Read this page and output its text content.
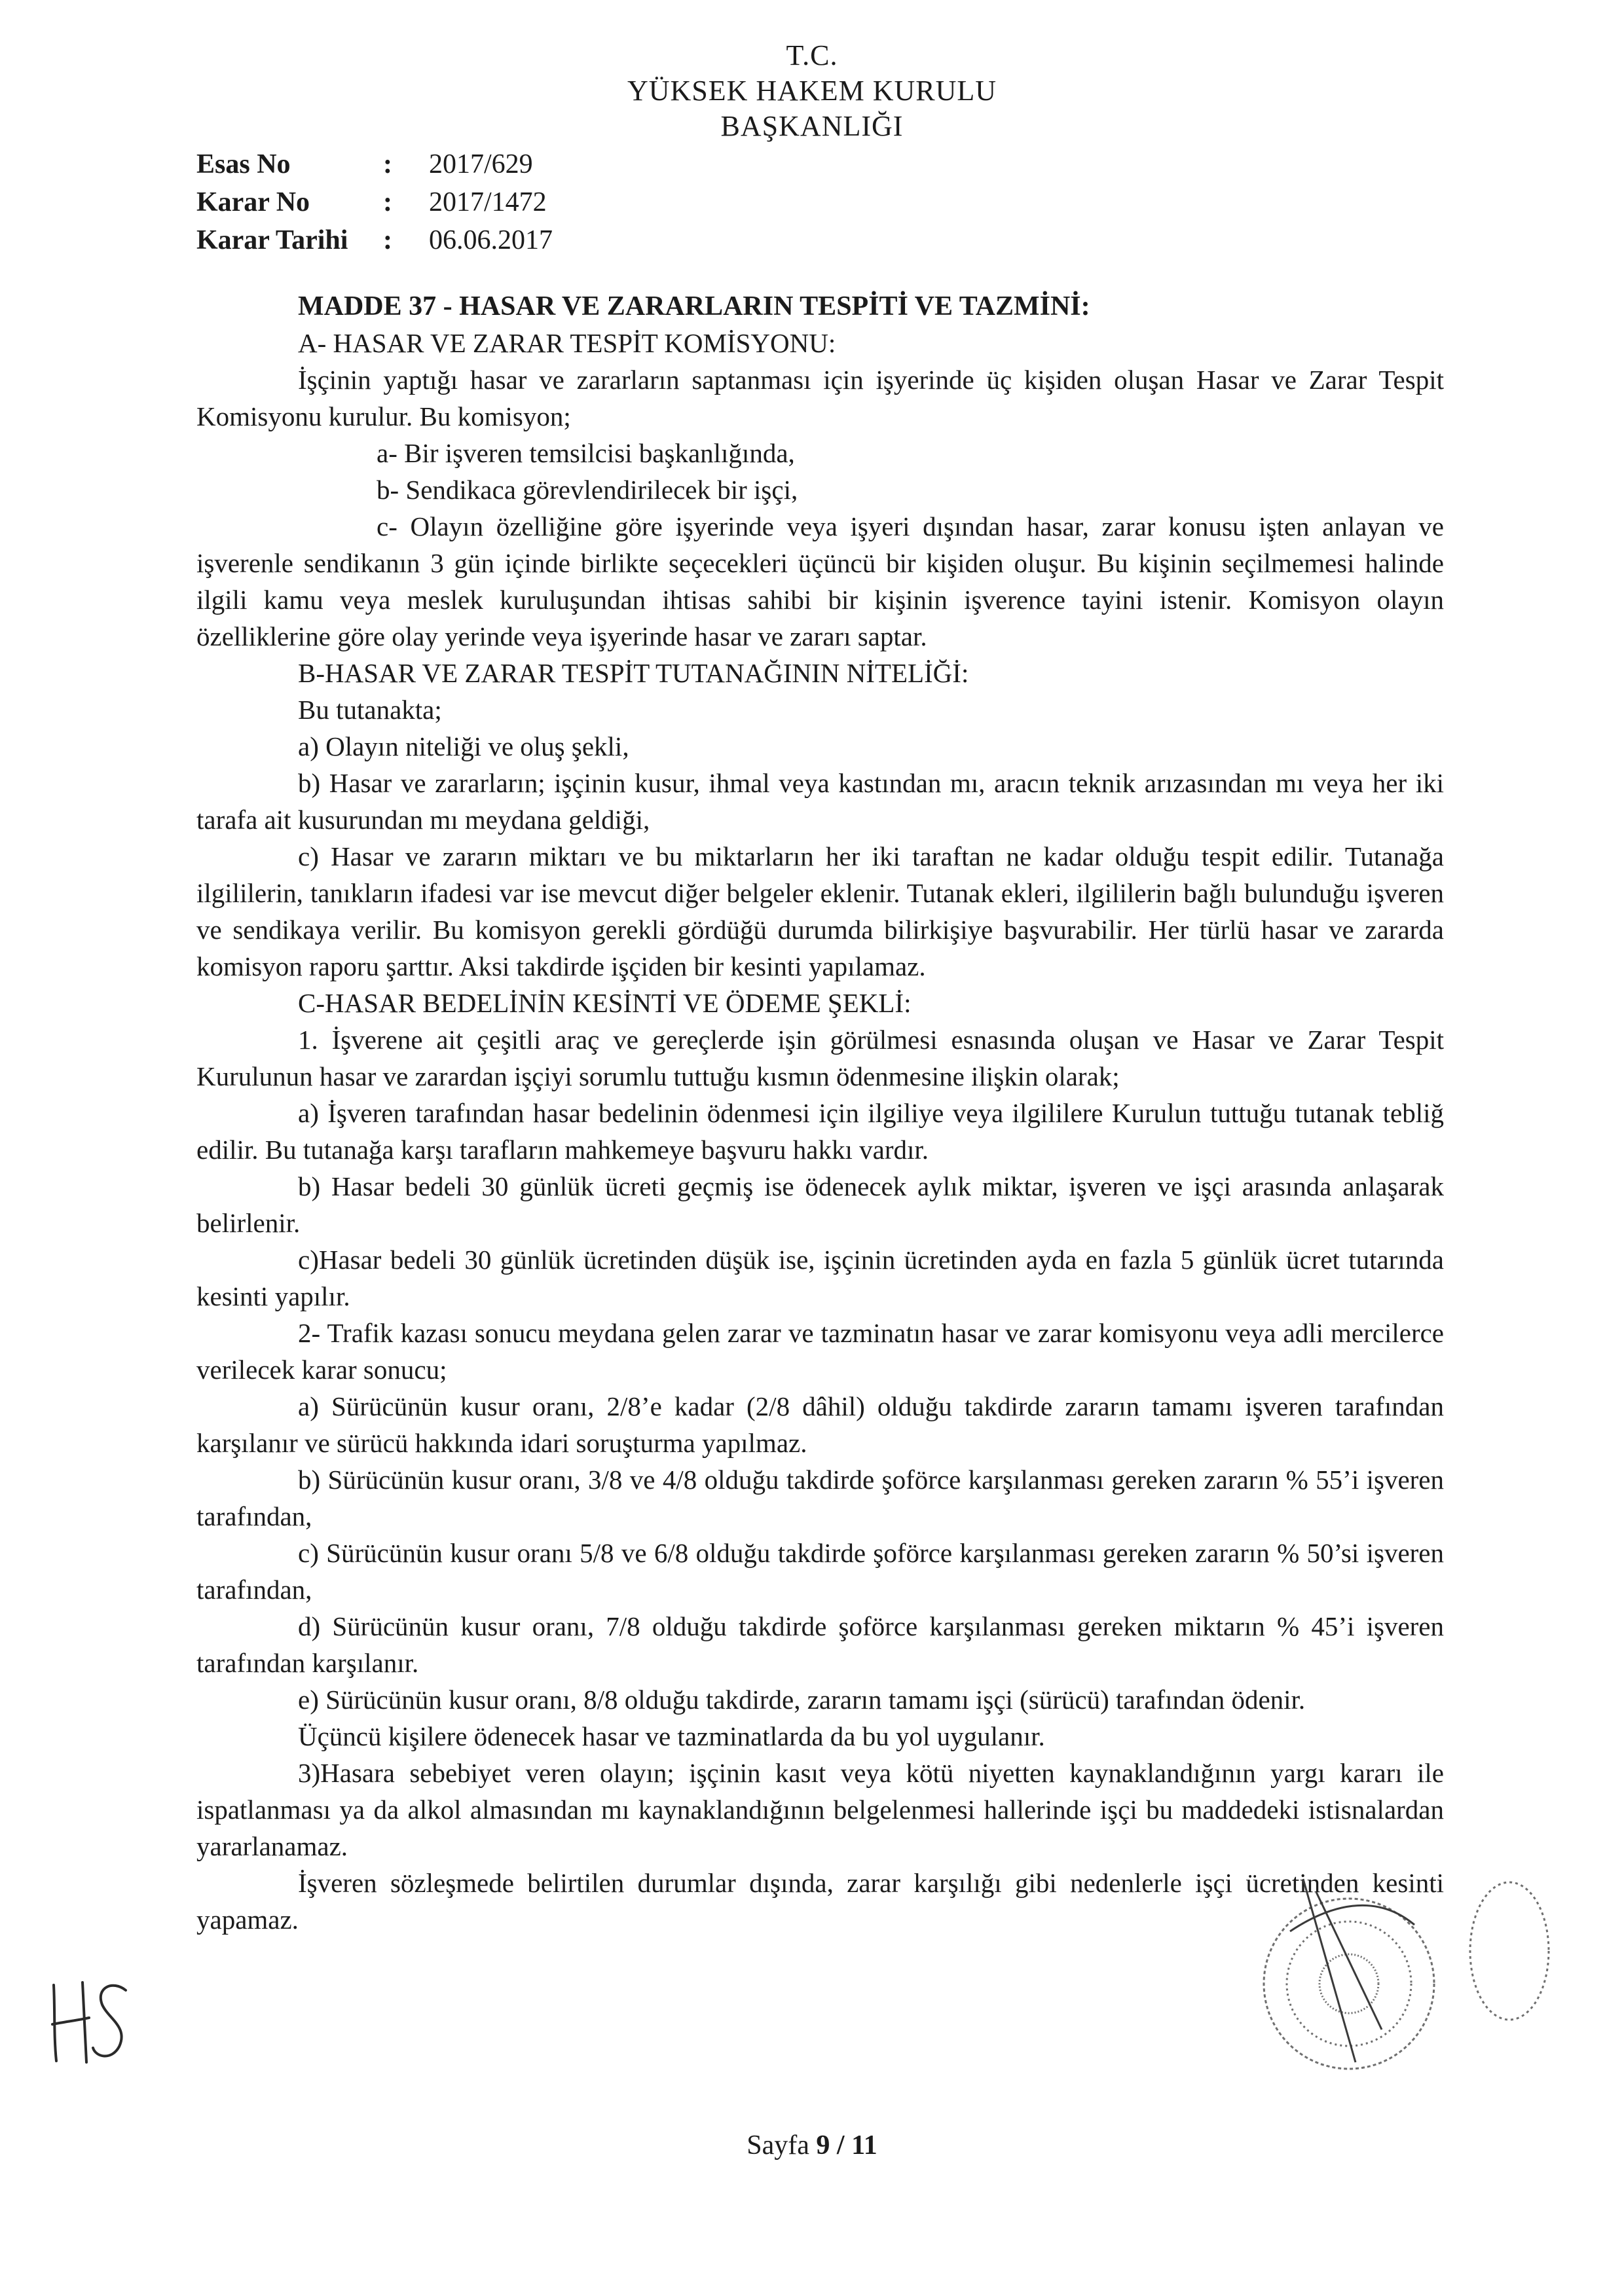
T.C.
YÜKSEK HAKEM KURULU
BAŞKANLIĞI
Esas No	:	2017/629
Karar No	:	2017/1472
Karar Tarihi	:	06.06.2017

MADDE 37 - HASAR VE ZARARLARIN TESPİTİ VE TAZMİNİ:

A- HASAR VE ZARAR TESPİT KOMİSYONU:

İşçinin yaptığı hasar ve zararların saptanması için işyerinde üç kişiden oluşan Hasar ve Zarar Tespit Komisyonu kurulur. Bu komisyon;

a- Bir işveren temsilcisi başkanlığında,

b- Sendikaca görevlendirilecek bir işçi,

c- Olayın özelliğine göre işyerinde veya işyeri dışından hasar, zarar konusu işten anlayan ve işverenle sendikanın 3 gün içinde birlikte seçecekleri üçüncü bir kişiden oluşur. Bu kişinin seçilmemesi halinde ilgili kamu veya meslek kuruluşundan ihtisas sahibi bir kişinin işverence tayini istenir. Komisyon olayın özelliklerine göre olay yerinde veya işyerinde hasar ve zararı saptar.

B-HASAR VE ZARAR TESPİT TUTANAĞININ NİTELİĞİ:

Bu tutanakta;

a) Olayın niteliği ve oluş şekli,

b) Hasar ve zararların; işçinin kusur, ihmal veya kastından mı, aracın teknik arızasından mı veya her iki tarafa ait kusurundan mı meydana geldiği,

c) Hasar ve zararın miktarı ve bu miktarların her iki taraftan ne kadar olduğu tespit edilir. Tutanağa ilgililerin, tanıkların ifadesi var ise mevcut diğer belgeler eklenir. Tutanak ekleri, ilgililerin bağlı bulunduğu işveren ve sendikaya verilir. Bu komisyon gerekli gördüğü durumda bilirkişiye başvurabilir. Her türlü hasar ve zararda komisyon raporu şarttır. Aksi takdirde işçiden bir kesinti yapılamaz.

C-HASAR BEDELİNİN KESİNTİ VE ÖDEME ŞEKLİ:

1. İşverene ait çeşitli araç ve gereçlerde işin görülmesi esnasında oluşan ve Hasar ve Zarar Tespit Kurulunun hasar ve zarardan işçiyi sorumlu tuttuğu kısmın ödenmesine ilişkin olarak;

a) İşveren tarafından hasar bedelinin ödenmesi için ilgiliye veya ilgililere Kurulun tuttuğu tutanak tebliğ edilir. Bu tutanağa karşı tarafların mahkemeye başvuru hakkı vardır.

b) Hasar bedeli 30 günlük ücreti geçmiş ise ödenecek aylık miktar, işveren ve işçi arasında anlaşarak belirlenir.

c)Hasar bedeli 30 günlük ücretinden düşük ise, işçinin ücretinden ayda en fazla 5 günlük ücret tutarında kesinti yapılır.

2- Trafik kazası sonucu meydana gelen zarar ve tazminatın hasar ve zarar komisyonu veya adli mercilerce verilecek karar sonucu;

a) Sürücünün kusur oranı, 2/8’e kadar (2/8 dâhil) olduğu takdirde zararın tamamı işveren tarafından karşılanır ve sürücü hakkında idari soruşturma yapılmaz.

b) Sürücünün kusur oranı, 3/8 ve 4/8 olduğu takdirde şoförce karşılanması gereken zararın % 55’i işveren tarafından,

c) Sürücünün kusur oranı 5/8 ve 6/8 olduğu takdirde şoförce karşılanması gereken zararın % 50’si işveren tarafından,

d) Sürücünün kusur oranı, 7/8 olduğu takdirde şoförce karşılanması gereken miktarın % 45’i işveren tarafından karşılanır.

e) Sürücünün kusur oranı, 8/8 olduğu takdirde, zararın tamamı işçi (sürücü) tarafından ödenir.

Üçüncü kişilere ödenecek hasar ve tazminatlarda da bu yol uygulanır.

3)Hasara sebebiyet veren olayın; işçinin kasıt veya kötü niyetten kaynaklandığının yargı kararı ile ispatlanması ya da alkol almasından mı kaynaklandığının belgelenmesi hallerinde işçi bu maddedeki istisnalardan yararlanamaz.

İşveren sözleşmede belirtilen durumlar dışında, zarar karşılığı gibi nedenlerle işçi ücretinden kesinti yapamaz.

Sayfa 9 / 11
